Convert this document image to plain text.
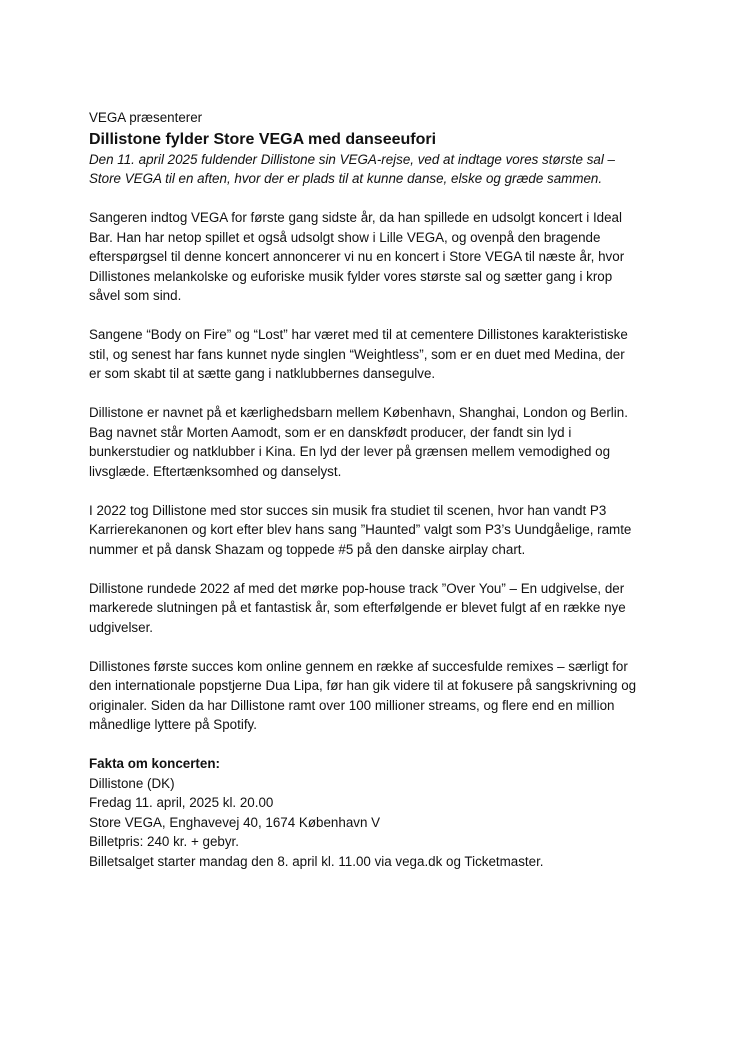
VEGA præsenterer
Dillistone fylder Store VEGA med danseeufori
Den 11. april 2025 fuldender Dillistone sin VEGA-rejse, ved at indtage vores største sal –
Store VEGA til en aften, hvor der er plads til at kunne danse, elske og græde sammen.

Sangeren indtog VEGA for første gang sidste år, da han spillede en udsolgt koncert i Ideal
Bar. Han har netop spillet et også udsolgt show i Lille VEGA, og ovenpå den bragende
efterspørgsel til denne koncert annoncerer vi nu en koncert i Store VEGA til næste år, hvor
Dillistones melankolske og euforiske musik fylder vores største sal og sætter gang i krop
såvel som sind.

Sangene “Body on Fire” og “Lost” har været med til at cementere Dillistones karakteristiske
stil, og senest har fans kunnet nyde singlen “Weightless”, som er en duet med Medina, der
er som skabt til at sætte gang i natklubbernes dansegulve.

Dillistone er navnet på et kærlighedsbarn mellem København, Shanghai, London og Berlin.
Bag navnet står Morten Aamodt, som er en danskfødt producer, der fandt sin lyd i
bunkerstudier og natklubber i Kina. En lyd der lever på grænsen mellem vemodighed og
livsglæde. Eftertænksomhed og danselyst.

I 2022 tog Dillistone med stor succes sin musik fra studiet til scenen, hvor han vandt P3
Karrierekanonen og kort efter blev hans sang ”Haunted” valgt som P3’s Uundgåelige, ramte
nummer et på dansk Shazam og toppede #5 på den danske airplay chart.

Dillistone rundede 2022 af med det mørke pop-house track ”Over You” – En udgivelse, der
markerede slutningen på et fantastisk år, som efterfølgende er blevet fulgt af en række nye
udgivelser.

Dillistones første succes kom online gennem en række af succesfulde remixes – særligt for
den internationale popstjerne Dua Lipa, før han gik videre til at fokusere på sangskrivning og
originaler. Siden da har Dillistone ramt over 100 millioner streams, og flere end en million
månedlige lyttere på Spotify.

Fakta om koncerten:
Dillistone (DK)
Fredag 11. april, 2025 kl. 20.00
Store VEGA, Enghavevej 40, 1674 København V
Billetpris: 240 kr. + gebyr.
Billetsalget starter mandag den 8. april kl. 11.00 via vega.dk og Ticketmaster.
